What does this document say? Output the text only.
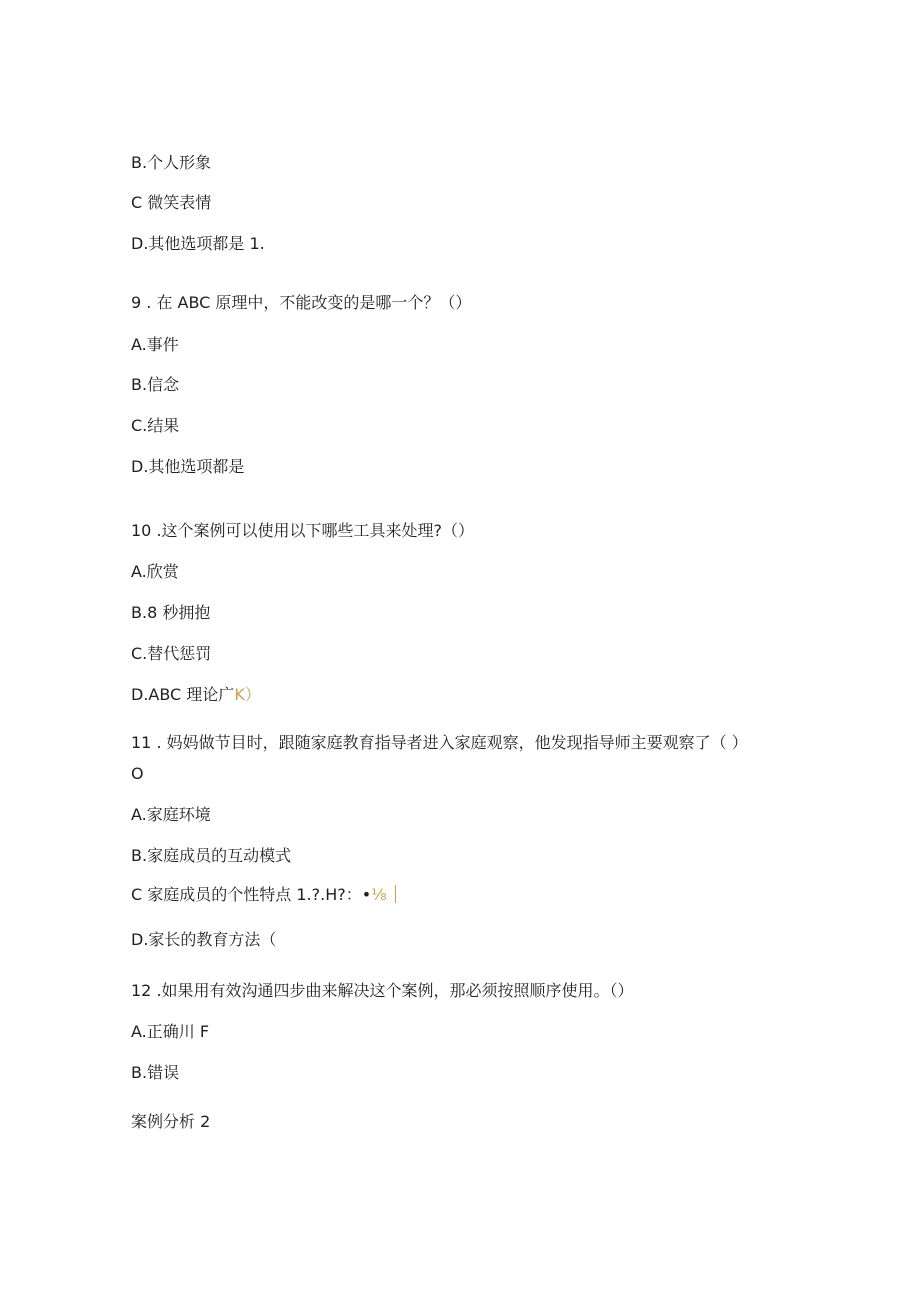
B.个人形象
C 微笑表情
D.其他选项都是 1.
9 . 在 ABC 原理中，不能改变的是哪一个？（）
A.事件
B.信念
C.结果
D.其他选项都是
10 .这个案例可以使用以下哪些工具来处理?（）
A.欣赏
B.8 秒拥抱
C.替代惩罚
D.ABC 理论广K）
11 . 妈妈做节目时，跟随家庭教育指导者进入家庭观察，他发现指导师主要观察了（ ）
O
A.家庭环境
B.家庭成员的互动模式
C 家庭成员的个性特点 1.?.H?：•⅛
D.家长的教育方法（
12 .如果用有效沟通四步曲来解决这个案例，那必须按照顺序使用。（）
A.正确川 F
B.错误
案例分析 2
